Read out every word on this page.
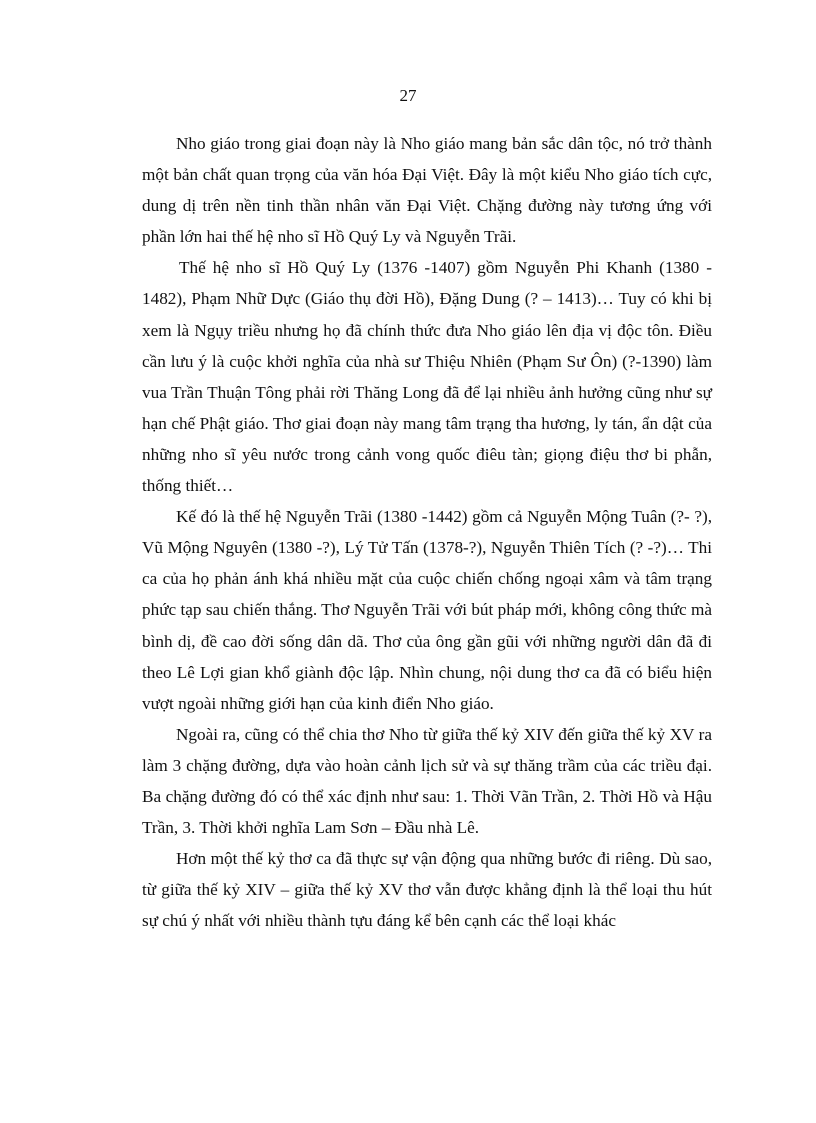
27

Nho giáo trong giai đoạn này là Nho giáo mang bản sắc dân tộc, nó trở thành một bản chất quan trọng của văn hóa Đại Việt. Đây là một kiểu Nho giáo tích cực, dung dị trên nền tinh thần nhân văn Đại Việt. Chặng đường này tương ứng với phần lớn hai thế hệ nho sĩ Hồ Quý Ly và Nguyễn Trãi.

Thế hệ nho sĩ Hồ Quý Ly (1376 -1407) gồm Nguyễn Phi Khanh (1380 - 1482), Phạm Nhữ Dực (Giáo thụ đời Hồ), Đặng Dung (? – 1413)… Tuy có khi bị xem là Ngụy triều nhưng họ đã chính thức đưa Nho giáo lên địa vị độc tôn. Điều cần lưu ý là cuộc khởi nghĩa của nhà sư Thiệu Nhiên (Phạm Sư Ôn) (?-1390) làm vua Trần Thuận Tông phải rời Thăng Long đã để lại nhiều ảnh hưởng cũng như sự hạn chế Phật giáo. Thơ giai đoạn này mang tâm trạng tha hương, ly tán, ẩn dật của những nho sĩ yêu nước trong cảnh vong quốc điêu tàn; giọng điệu thơ bi phẫn, thống thiết…

Kế đó là thế hệ Nguyễn Trãi (1380 -1442) gồm cả Nguyễn Mộng Tuân (?- ?), Vũ Mộng Nguyên (1380 -?), Lý Tử Tấn (1378-?), Nguyễn Thiên Tích (? -?)… Thi ca của họ phản ánh khá nhiều mặt của cuộc chiến chống ngoại xâm và tâm trạng phức tạp sau chiến thắng. Thơ Nguyễn Trãi với bút pháp mới, không công thức mà bình dị, đề cao đời sống dân dã. Thơ của ông gần gũi với những người dân đã đi theo Lê Lợi gian khổ giành độc lập. Nhìn chung, nội dung thơ ca đã có biểu hiện vượt ngoài những giới hạn của kinh điển Nho giáo.

Ngoài ra, cũng có thể chia thơ Nho từ giữa thế kỷ XIV đến giữa thế kỷ XV ra làm 3 chặng đường, dựa vào hoàn cảnh lịch sử và sự thăng trầm của các triều đại. Ba chặng đường đó có thể xác định như sau: 1. Thời Vãn Trần, 2. Thời Hồ và Hậu Trần, 3. Thời khởi nghĩa Lam Sơn – Đầu nhà Lê.

Hơn một thế kỷ thơ ca đã thực sự vận động qua những bước đi riêng. Dù sao, từ giữa thế kỷ XIV – giữa thế kỷ XV thơ vẫn được khẳng định là thể loại thu hút sự chú ý nhất với nhiều thành tựu đáng kể bên cạnh các thể loại khác
